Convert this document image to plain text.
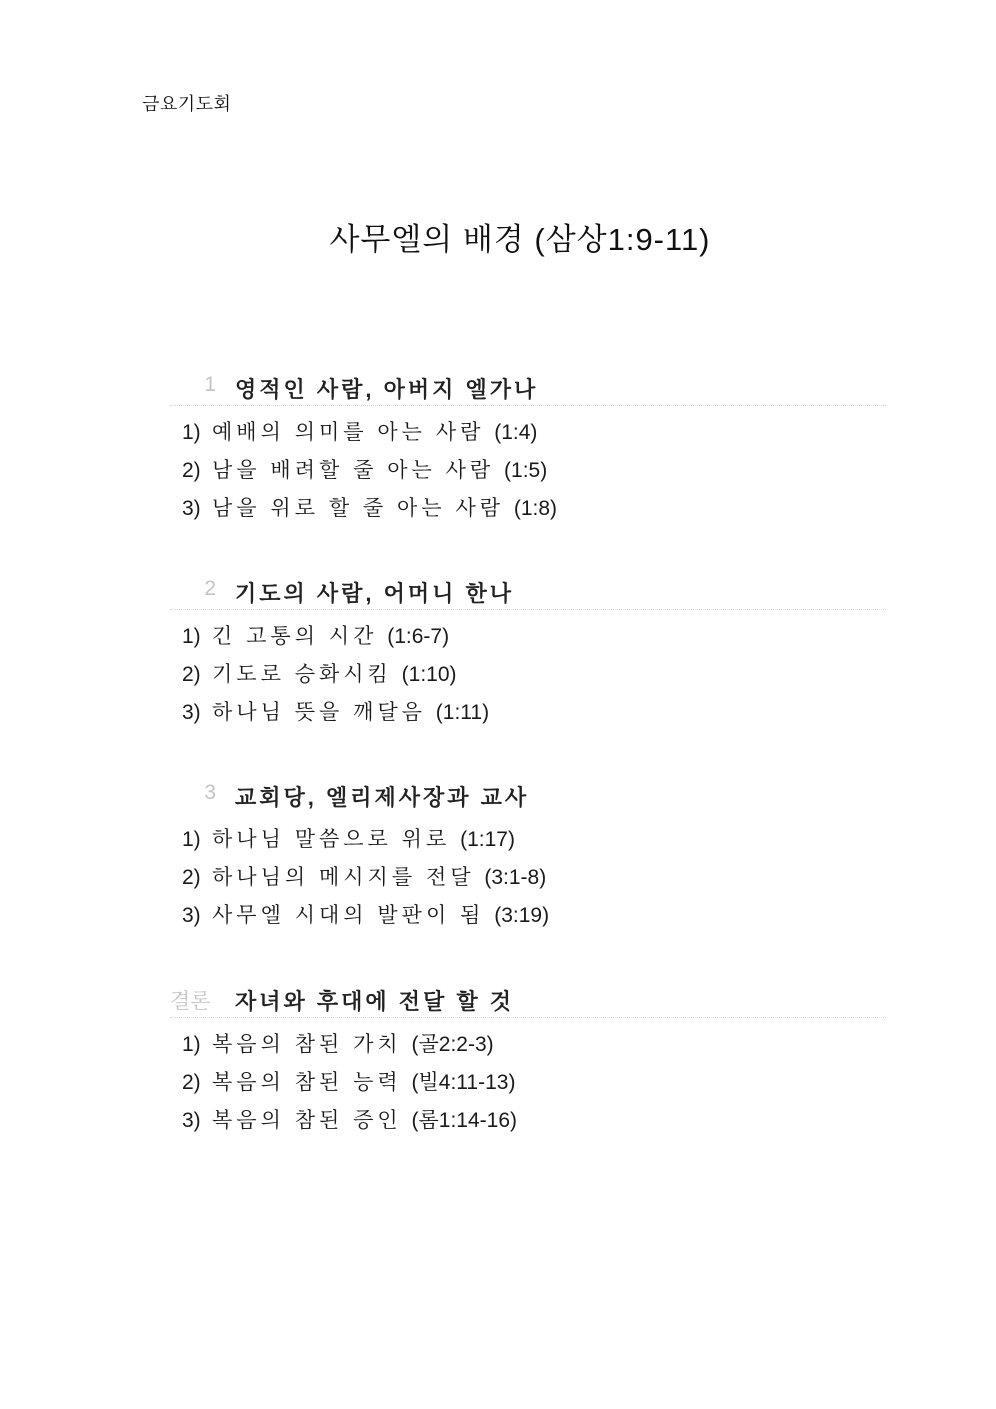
금요기도회
사무엘의 배경 (삼상1:9-11)
1 영적인 사람, 아버지 엘가나
1) 예배의 의미를 아는 사람 (1:4)
2) 남을 배려할 줄 아는 사람 (1:5)
3) 남을 위로 할 줄 아는 사람 (1:8)
2 기도의 사람, 어머니 한나
1) 긴 고통의 시간 (1:6-7)
2) 기도로 승화시킴 (1:10)
3) 하나님 뜻을 깨달음 (1:11)
3 교회당, 엘리제사장과 교사
1) 하나님 말씀으로 위로 (1:17)
2) 하나님의 메시지를 전달 (3:1-8)
3) 사무엘 시대의 발판이 됨 (3:19)
결론 자녀와 후대에 전달 할 것
1) 복음의 참된 가치 (골2:2-3)
2) 복음의 참된 능력 (빌4:11-13)
3) 복음의 참된 증인 (롬1:14-16)
